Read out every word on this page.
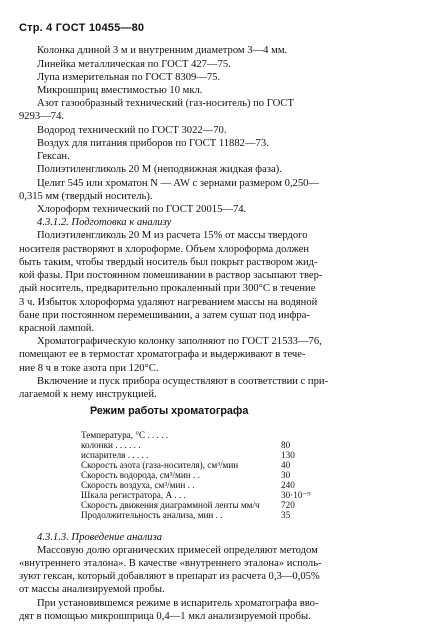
Стр. 4 ГОСТ 10455—80
Колонка длиной 3 м и внутренним диаметром 3—4 мм.
Линейка металлическая по ГОСТ 427—75.
Лупа измерительная по ГОСТ 8309—75.
Микрошприц вместимостью 10 мкл.
Азот газообразный технический (газ-носитель) по ГОСТ
9293—74.
Водород технический по ГОСТ 3022—70.
Воздух для питания приборов по ГОСТ 11882—73.
Гексан.
Полиэтиленгликоль 20 М (неподвижная жидкая фаза).
Целит 545 или хроматон N — AW с зернами размером 0,250—
0,315 мм (твердый носитель).
Хлороформ технический по ГОСТ 20015—74.
4.3.1.2. Подготовка к анализу
Полиэтиленгликоль 20 М из расчета 15% от массы твердого
носителя растворяют в хлороформе. Объем хлороформа должен
быть таким, чтобы твердый носитель был покрыт раствором жид-
кой фазы. При постоянном помешивании в раствор засыпают твер-
дый носитель, предварительно прокаленный при 300°С в течение
3 ч. Избыток хлороформа удаляют нагреванием массы на водяной
бане при постоянном перемешивании, а затем сушат под инфра-
красной лампой.
Хроматографическую колонку заполняют по ГОСТ 21533—76,
помещают ее в термостат хроматографа и выдерживают в тече-
ние 8 ч в токе азота при 120°С.
Включение и пуск прибора осуществляют в соответствии с при-
лагаемой к нему инструкцией.
Режим работы хроматографа
Температура, °С . . . . .
колонки . . . . . .	80
испарителя . . . . .	130
Скорость азота (газа-носителя), см³/мин	40
Скорость водорода, см³/мин . .	30
Скорость воздуха, см³/мин . .	240
Шкала регистратора, А . . .	30·10⁻⁹
Скорость движения диаграммной ленты мм/ч 720
Продолжительность анализа, мин . .	35
4.3.1.3. Проведение анализа
Массовую долю органических примесей определяют методом
«внутреннего эталона». В качестве «внутреннего эталона» исполь-
зуют гексан, который добавляют в препарат из расчета 0,3—0,05%
от массы анализируемой пробы.
При установившемся режиме в испаритель хроматографа вво-
дят в помощью микрошприца 0,4—1 мкл анализируемой пробы.
